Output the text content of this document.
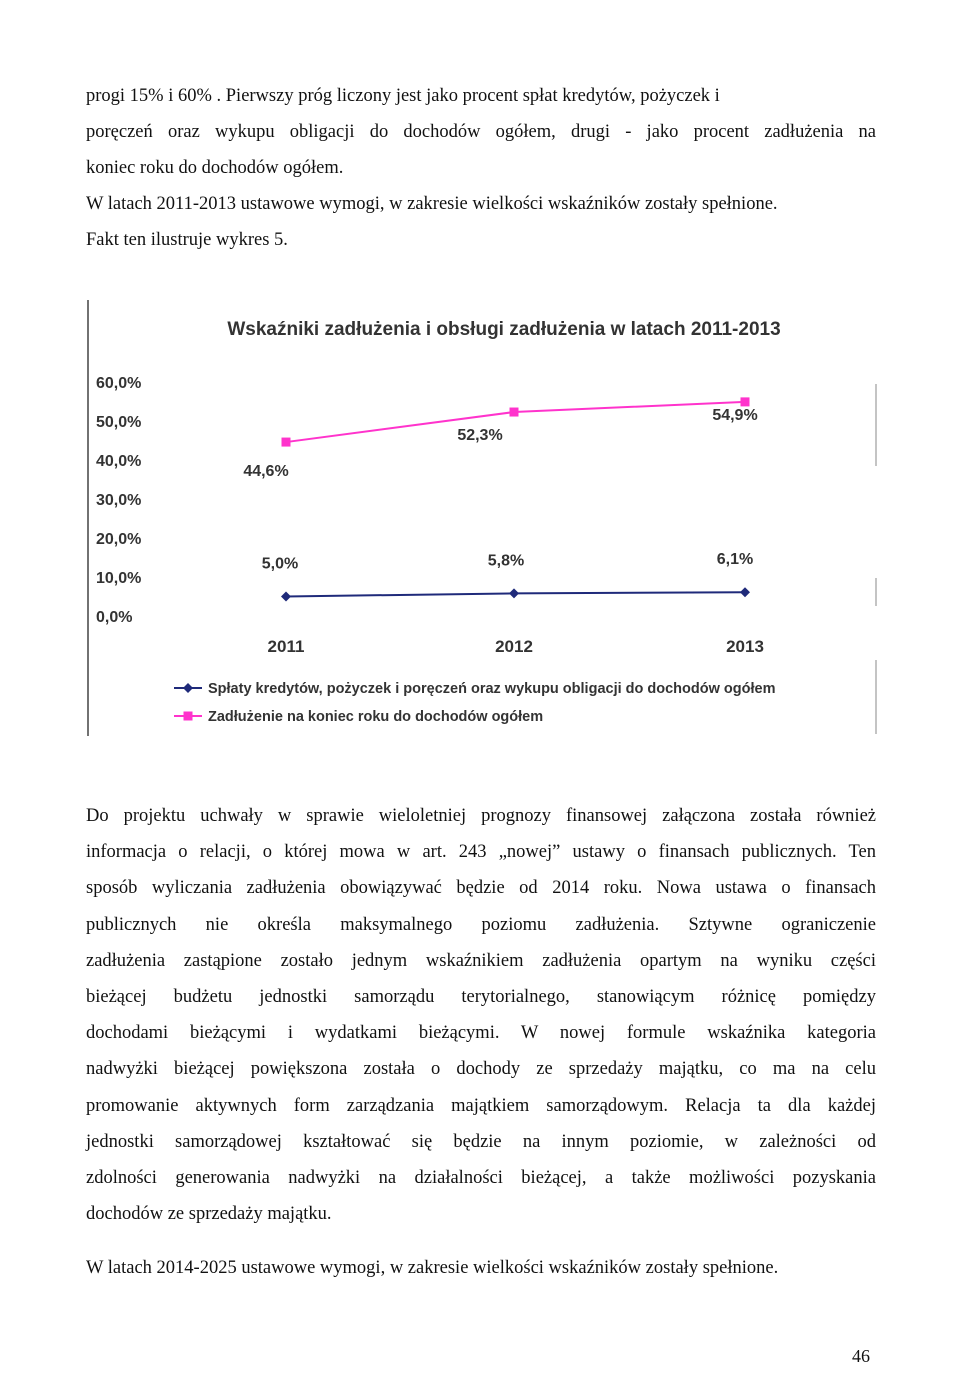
progi 15% i 60% . Pierwszy próg liczony jest jako procent spłat kredytów, pożyczek i
poręczeń oraz wykupu obligacji do dochodów ogółem, drugi - jako procent zadłużenia na
koniec roku do dochodów ogółem.
W latach 2011-2013 ustawowe wymogi, w zakresie wielkości wskaźników zostały spełnione.
Fakt ten ilustruje wykres 5.
Wskaźniki zadłużenia i obsługi zadłużenia w latach 2011-2013
0,0%
10,0%
20,0%
30,0%
40,0%
50,0%
60,0%
2011	2012	2013
5,0%	5,8%	6,1%
44,6%
52,3%
54,9%
Spłaty kredytów, pożyczek i poręczeń oraz wykupu obligacji do dochodów ogółem
Zadłużenie na koniec roku do dochodów ogółem
Do projektu uchwały w sprawie wieloletniej prognozy finansowej załączona została również
informacja o relacji, o której mowa w art. 243 „nowej” ustawy o finansach publicznych. Ten
sposób wyliczania zadłużenia obowiązywać będzie od 2014 roku. Nowa ustawa o finansach
publicznych nie określa maksymalnego poziomu zadłużenia. Sztywne ograniczenie
zadłużenia zastąpione zostało jednym wskaźnikiem zadłużenia opartym na wyniku części
bieżącej budżetu jednostki samorządu terytorialnego, stanowiącym różnicę pomiędzy
dochodami bieżącymi i wydatkami bieżącymi. W nowej formule wskaźnika kategoria
nadwyżki bieżącej powiększona została o dochody ze sprzedaży majątku, co ma na celu
promowanie aktywnych form zarządzania majątkiem samorządowym. Relacja ta dla każdej
jednostki samorządowej kształtować się będzie na innym poziomie, w zależności od
zdolności generowania nadwyżki na działalności bieżącej, a także możliwości pozyskania
dochodów ze sprzedaży majątku.
W latach 2014-2025 ustawowe wymogi, w zakresie wielkości wskaźników zostały spełnione.
46
